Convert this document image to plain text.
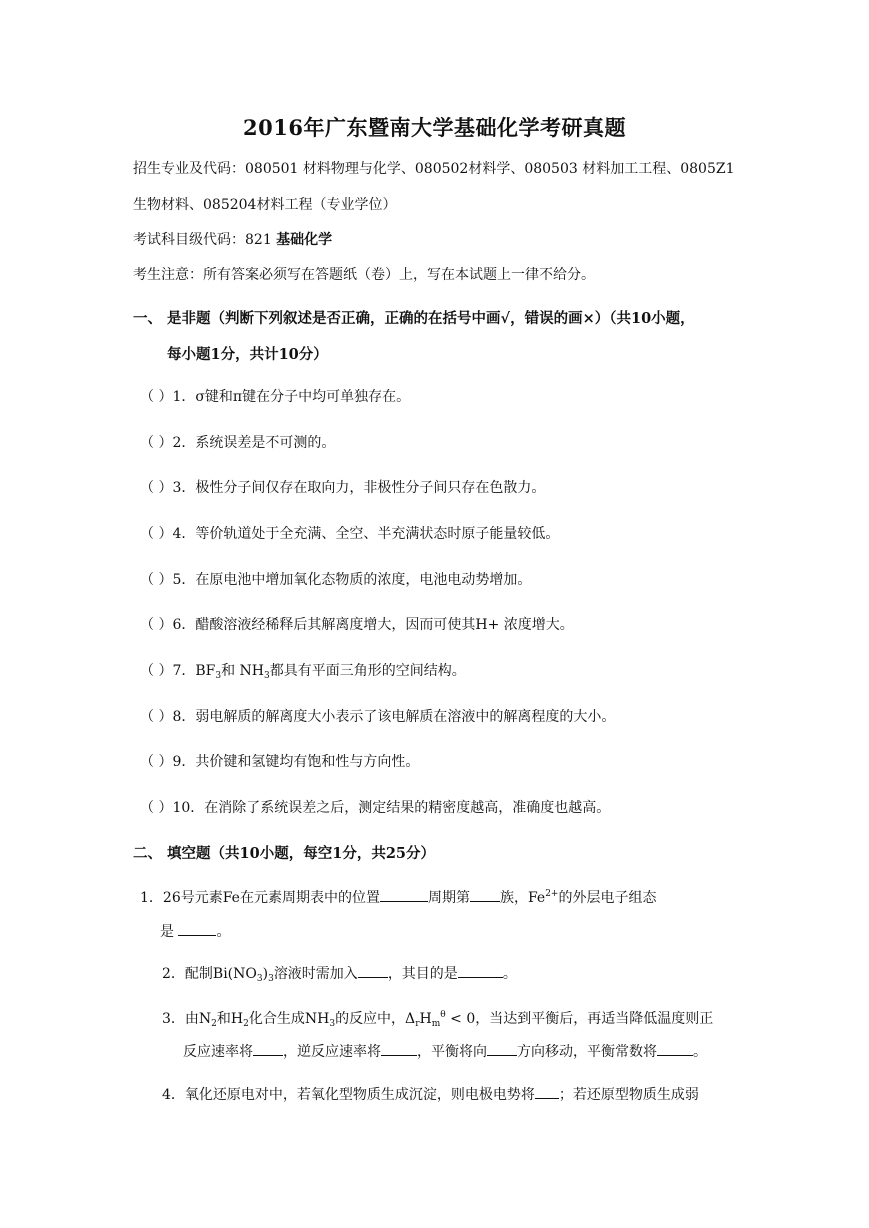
2016年广东暨南大学基础化学考研真题
招生专业及代码：080501 材料物理与化学、080502材料学、080503 材料加工工程、0805Z1
生物材料、085204材料工程（专业学位）
考试科目级代码：821 基础化学
考生注意：所有答案必须写在答题纸（卷）上，写在本试题上一律不给分。
一、 是非题（判断下列叙述是否正确，正确的在括号中画√，错误的画×）（共10小题，
每小题1分，共计10分）
（ ）1．σ键和π键在分子中均可单独存在。
（ ）2．系统误差是不可测的。
（ ）3．极性分子间仅存在取向力，非极性分子间只存在色散力。
（ ）4．等价轨道处于全充满、全空、半充满状态时原子能量较低。
（ ）5．在原电池中增加氧化态物质的浓度，电池电动势增加。
（ ）6．醋酸溶液经稀释后其解离度增大，因而可使其H+ 浓度增大。
（ ）7．$BF_3$和 $NH_3$都具有平面三角形的空间结构。
（ ）8．弱电解质的解离度大小表示了该电解质在溶液中的解离程度的大小。
（ ）9．共价键和氢键均有饱和性与方向性。
（ ）10．在消除了系统误差之后，测定结果的精密度越高，准确度也越高。
二、 填空题（共10小题，每空1分，共25分）
1．26号元素Fe在元素周期表中的位置	周期第 族，$Fe^{2+}$的外层电子组态
是	。
2．配制$Bi(NO_3)_3$溶液时需加入 ，其目的是	。
3．由$N_2$和$H_2$化合生成$NH_3$的反应中，$\Delta_rH_m^\theta < 0$，当达到平衡后，再适当降低温度则正
反应速率将 ，逆反应速率将	，平衡将向 方向移动，平衡常数将	。
4．氧化还原电对中，若氧化型物质生成沉淀，则电极电势将 ；若还原型物质生成弱
